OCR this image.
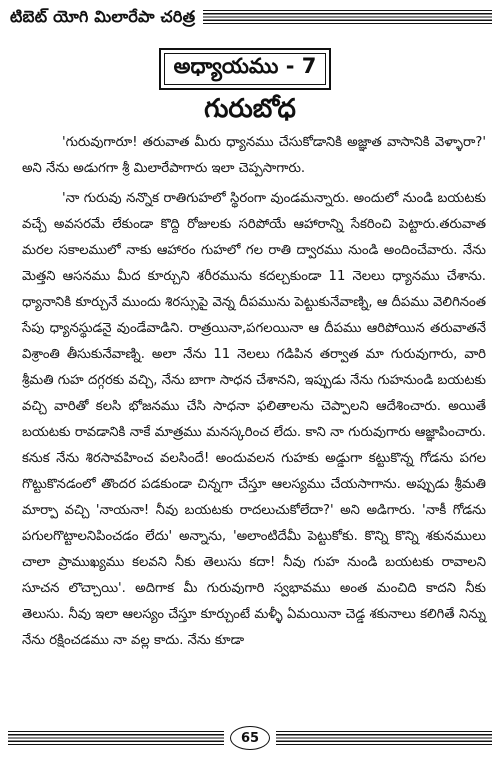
టిబెట్ యోగి మిలారేపా చరిత్ర
అధ్యాయము - 7
గురుబోధ

'గురువుగారూ! తరువాత మీరు ధ్యానము చేసుకోడానికి అజ్ఞాత వాసానికి వెళ్ళారా?' అని నేను అడుగగా శ్రీ మిలారేపాగారు ఇలా చెప్పసాగారు.

'నా గురువు నన్నొక రాతిగుహలో స్థిరంగా వుండమన్నారు. అందులో నుండి బయటకు వచ్చే అవసరమే లేకుండా కొద్ది రోజులకు సరిపోయే ఆహారాన్ని సేకరించి పెట్టారు.తరువాత మరల సకాలములో నాకు ఆహారం గుహలో గల రాతి ద్వారము నుండి అందించేవారు. నేను మెత్తని ఆసనము మీద కూర్చుని శరీరమును కదల్చకుండా 11 నెలలు ధ్యానము చేశాను. ధ్యానానికి కూర్చునే ముందు శిరస్సుపై వెన్న దీపమును పెట్టుకునేవాణ్ని, ఆ దీపము వెలిగినంత సేపు ధ్యానస్థుడనై వుండేవాడిని. రాత్రయినా,పగలయినా ఆ దీపము ఆరిపోయిన తరువాతనే విశ్రాంతి తీసుకునేవాణ్ని. అలా నేను 11 నెలలు గడిపిన తర్వాత మా గురువుగారు, వారి శ్రీమతి గుహ దగ్గరకు వచ్చి, నేను బాగా సాధన చేశానని, ఇప్పుడు నేను గుహనుండి బయటకు వచ్చి వారితో కలసి భోజనము చేసి సాధనా ఫలితాలను చెప్పాలని ఆదేశించారు. అయితే బయటకు రావడానికి నాకే మాత్రము మనస్కరించ లేదు. కాని నా గురువుగారు ఆజ్ఞాపించారు. కనుక నేను శిరసావహించ వలసిందే! అందువలన గుహకు అడ్డుగా కట్టుకొన్న గోడను పగల గొట్టుకొనడంలో తొందర పడకుండా చిన్నగా చేస్తూ ఆలస్యము చేయసాగాను. అప్పుడు శ్రీమతి మార్పా వచ్చి 'నాయనా! నీవు బయటకు రాదలుచుకోలేదా?' అని అడిగారు. 'నాకీ గోడను పగులగొట్టాలనిపించడం లేదు' అన్నాను, 'అలాంటిదేమీ పెట్టుకోకు. కొన్ని కొన్ని శకునములు చాలా ప్రాముఖ్యము కలవని నీకు తెలుసు కదా! నీవు గుహ నుండి బయటకు రావాలని సూచన లొచ్చాయి'. అదిగాక మీ గురువుగారి స్వభావము అంత మంచిది కాదని నీకు తెలుసు. నీవు ఇలా ఆలస్యం చేస్తూ కూర్చుంటే మళ్ళీ ఏమయినా చెడ్డ శకునాలు కలిగితే నిన్ను నేను రక్షించడము నా వల్ల కాదు. నేను కూడా

65
